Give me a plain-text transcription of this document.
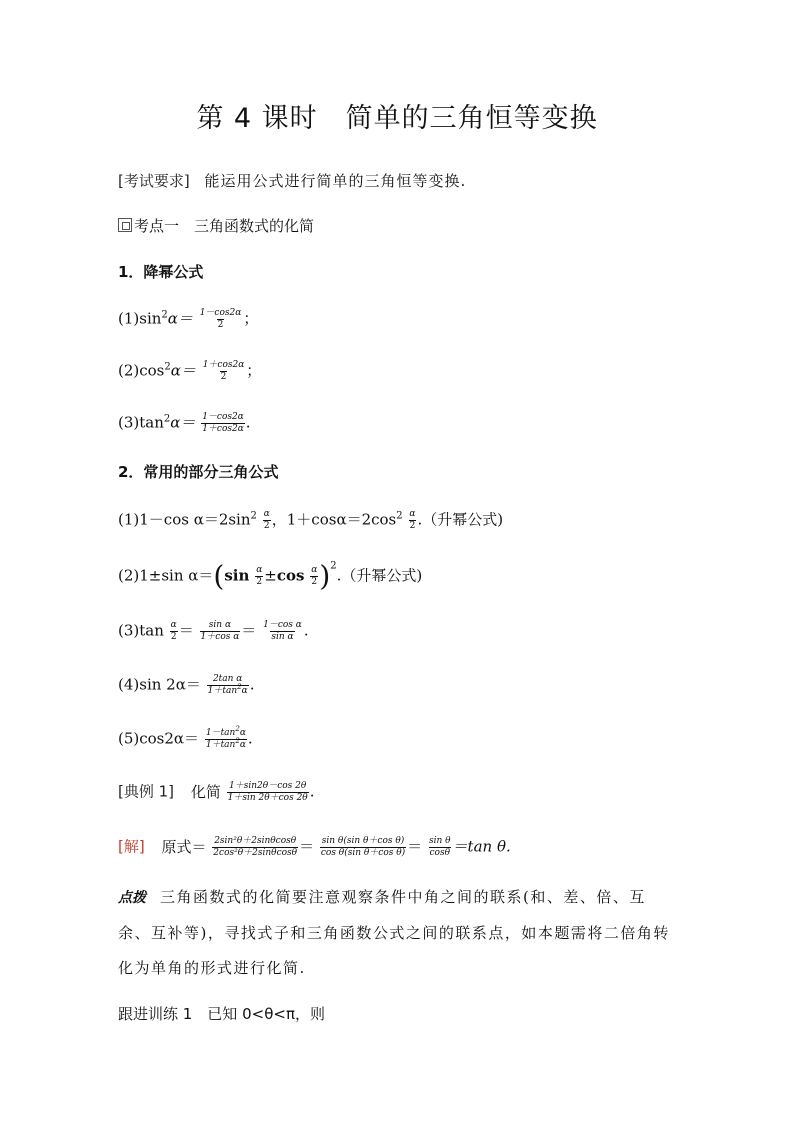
第 4 课时　简单的三角恒等变换
[考试要求] 能运用公式进行简单的三角恒等变换.
考点一　三角函数式的化简
1．降幂公式
$(1)\sin^2\alpha= \frac{1-\cos 2\alpha}{2}$ ；
$(2)\cos^2\alpha= \frac{1+\cos 2\alpha}{2}$ ；
$(3)\tan^2\alpha= \frac{1-\cos 2\alpha}{1+\cos 2\alpha}$ .
2．常用的部分三角公式
(1)1－cos $\alpha=2\sin^2 \frac{\alpha}{2}$ ，$1+\cos\alpha=2\cos^2 \frac{\alpha}{2}$ .（升幂公式)
(2)1±sin $\alpha=(\sin \frac{\alpha}{2} \pm\cos \frac{\alpha}{2} )^2$.（升幂公式)
$(3)\tan \frac{\alpha}{2} = \frac{\text{sin α}}{\text{1＋cos α}} = \frac{\text{1－cos α}}{\text{sin α}}$ .
(4)sin $2\alpha= \frac{\text{2tan α}}{1+\tan^2\alpha}$ .
$(5)\cos 2\alpha= \frac{1-\tan^2\alpha}{1+\tan^2\alpha}$ .
[典例 1] 化简 $\frac{1+\sin 2\theta-\cos 2\theta}{1+\sin 2\theta+\cos 2\theta}$ .
[解] 原式＝ $\frac{\text{2sin²θ＋2sinθcosθ}}{\text{2cos²θ＋2sinθcosθ}} = \frac{\text{sin θ(sin θ＋cos θ)}}{\text{cos θ(sin θ＋cos θ)}} = \frac{\text{sin θ}}{\cos\theta} =\tan$ θ.
点拨 三角函数式的化简要注意观察条件中角之间的联系(和、差、倍、互余、互补等)，寻找式子和三角函数公式之间的联系点，如本题需将二倍角转化为单角的形式进行化简.
跟进训练 1　已知 0<θ<π，则
